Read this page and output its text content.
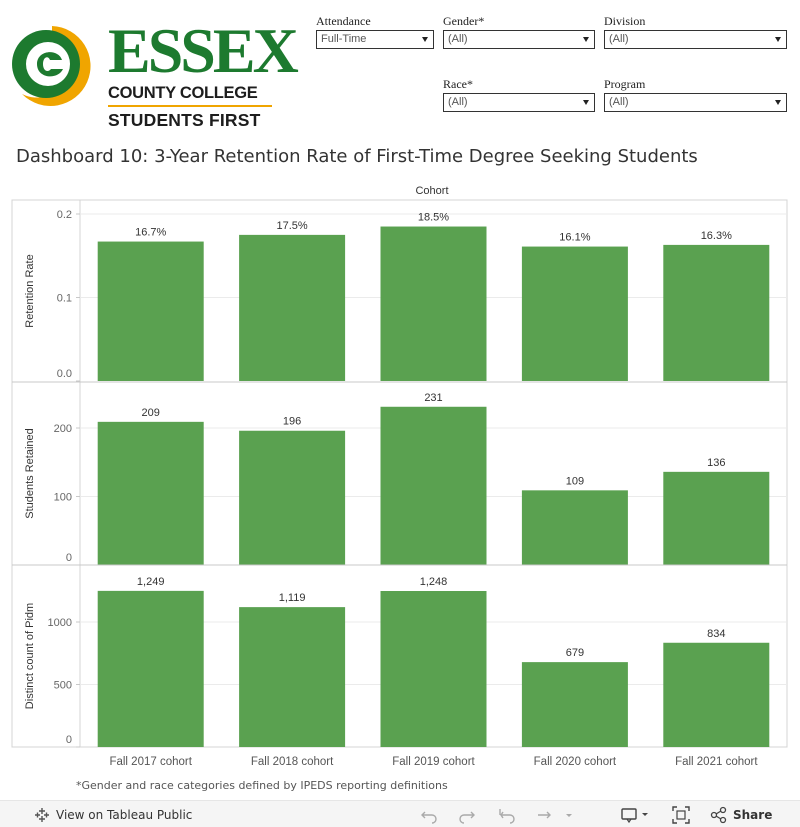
ESSEX
COUNTY COLLEGE
STUDENTS FIRST
Attendance
Full-Time
Gender*
(All)
Division
(All)
Race*
(All)
Program
(All)
Dashboard 10: 3-Year Retention Rate of First-Time Degree Seeking Students
Cohort
0.0
0.1
0.2
Retention Rate
16.7%
17.5%
18.5%
16.1%	16.3%
0
100
200
Students Retained
209
196
231
109
136
0
500
1000
Distinct count of Pidm
1,249
1,119
1,248
679
834
Fall 2017 cohort	Fall 2018 cohort	Fall 2019 cohort	Fall 2020 cohort	Fall 2021 cohort
*Gender and race categories defined by IPEDS reporting definitions
View on Tableau Public	Share
